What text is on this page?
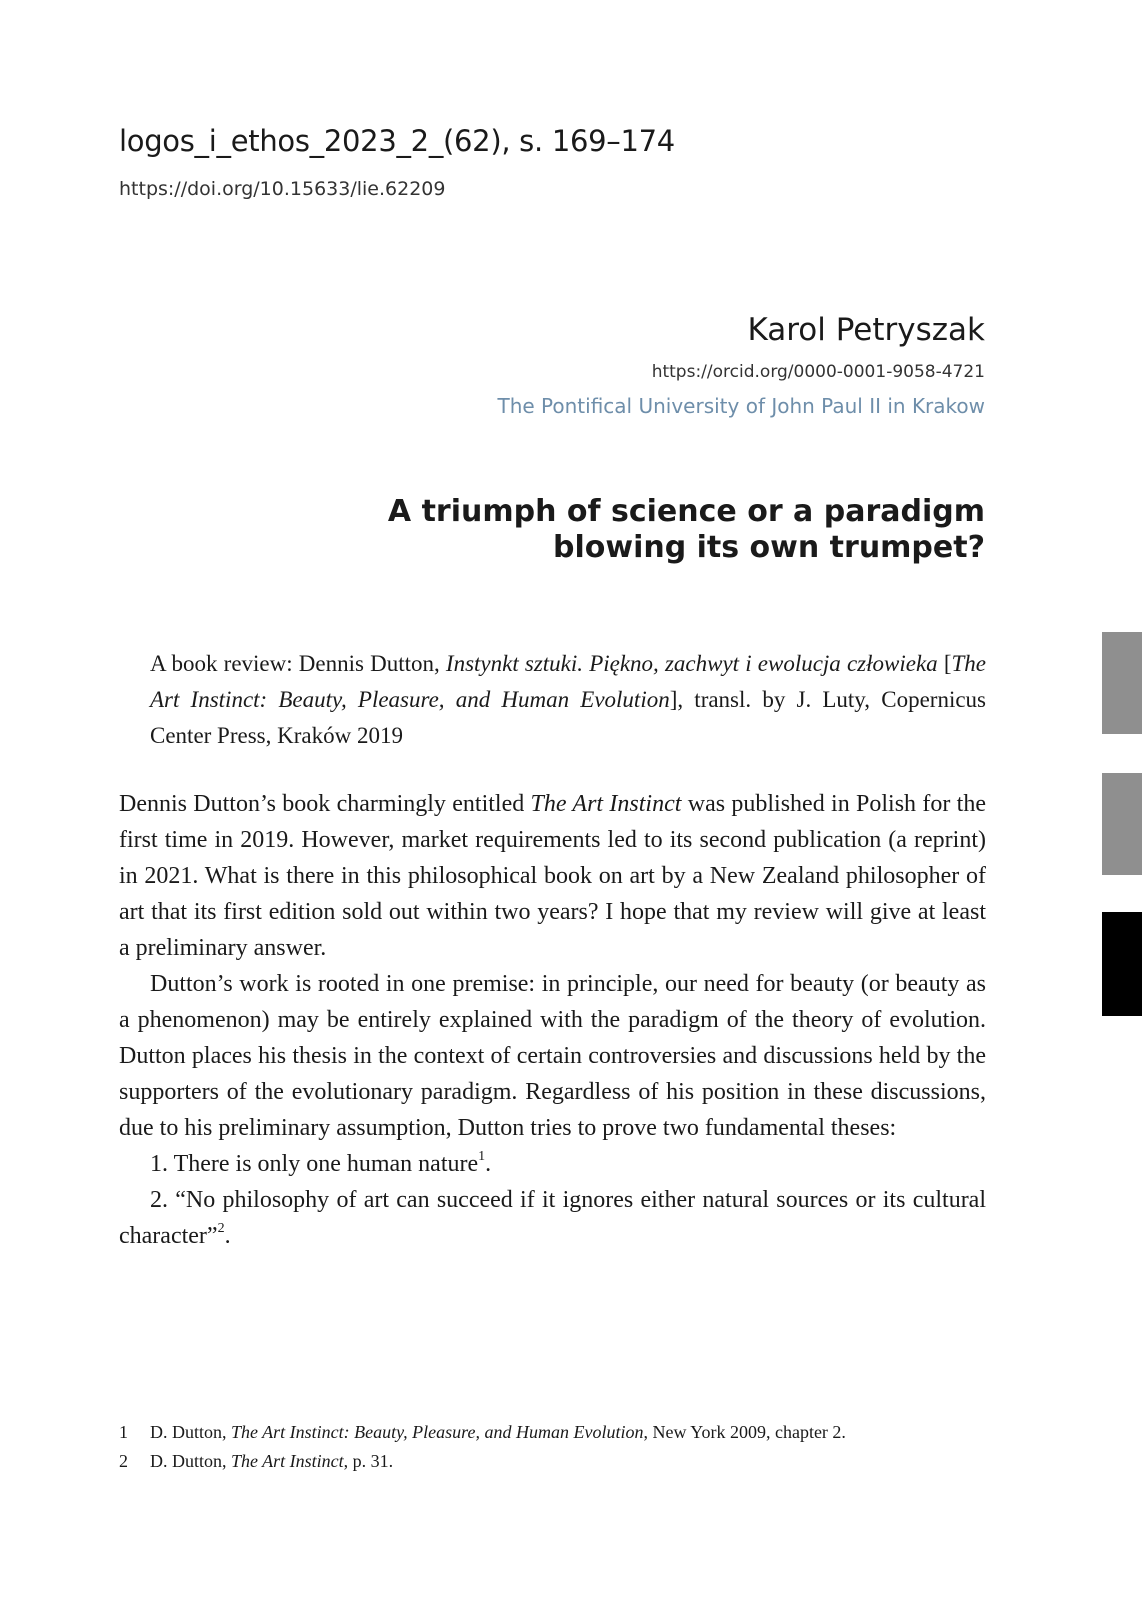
logos_i_ethos_2023_2_(62), s. 169–174
https://doi.org/10.15633/lie.62209
Karol Petryszak
https://orcid.org/0000-0001-9058-4721
The Pontifical University of John Paul II in Krakow
A triumph of science or a paradigm
blowing its own trumpet?
A book review: Dennis Dutton, Instynkt sztuki. Piękno, zachwyt i ewolucja człowieka [The Art Instinct: Beauty, Pleasure, and Human Evolution], transl. by J. Luty, Copernicus Center Press, Kraków 2019

Dennis Dutton’s book charmingly entitled The Art Instinct was published in Polish for the first time in 2019. However, market requirements led to its second publication (a reprint) in 2021. What is there in this philosophical book on art by a New Zealand philosopher of art that its first edition sold out within two years? I hope that my review will give at least a preliminary answer.

Dutton’s work is rooted in one premise: in principle, our need for beauty (or beauty as a phenomenon) may be entirely explained with the paradigm of the theory of evolution. Dutton places his thesis in the context of certain controversies and discussions held by the supporters of the evolutionary paradigm. Regardless of his position in these discussions, due to his preliminary assumption, Dutton tries to prove two fundamental theses:

1. There is only one human nature$^1$.

2. “No philosophy of art can succeed if it ignores either natural sources or its cultural character”$^2$.

1	D. Dutton, The Art Instinct: Beauty, Pleasure, and Human Evolution, New York 2009, chapter 2.
2	D. Dutton, The Art Instinct, p. 31.
